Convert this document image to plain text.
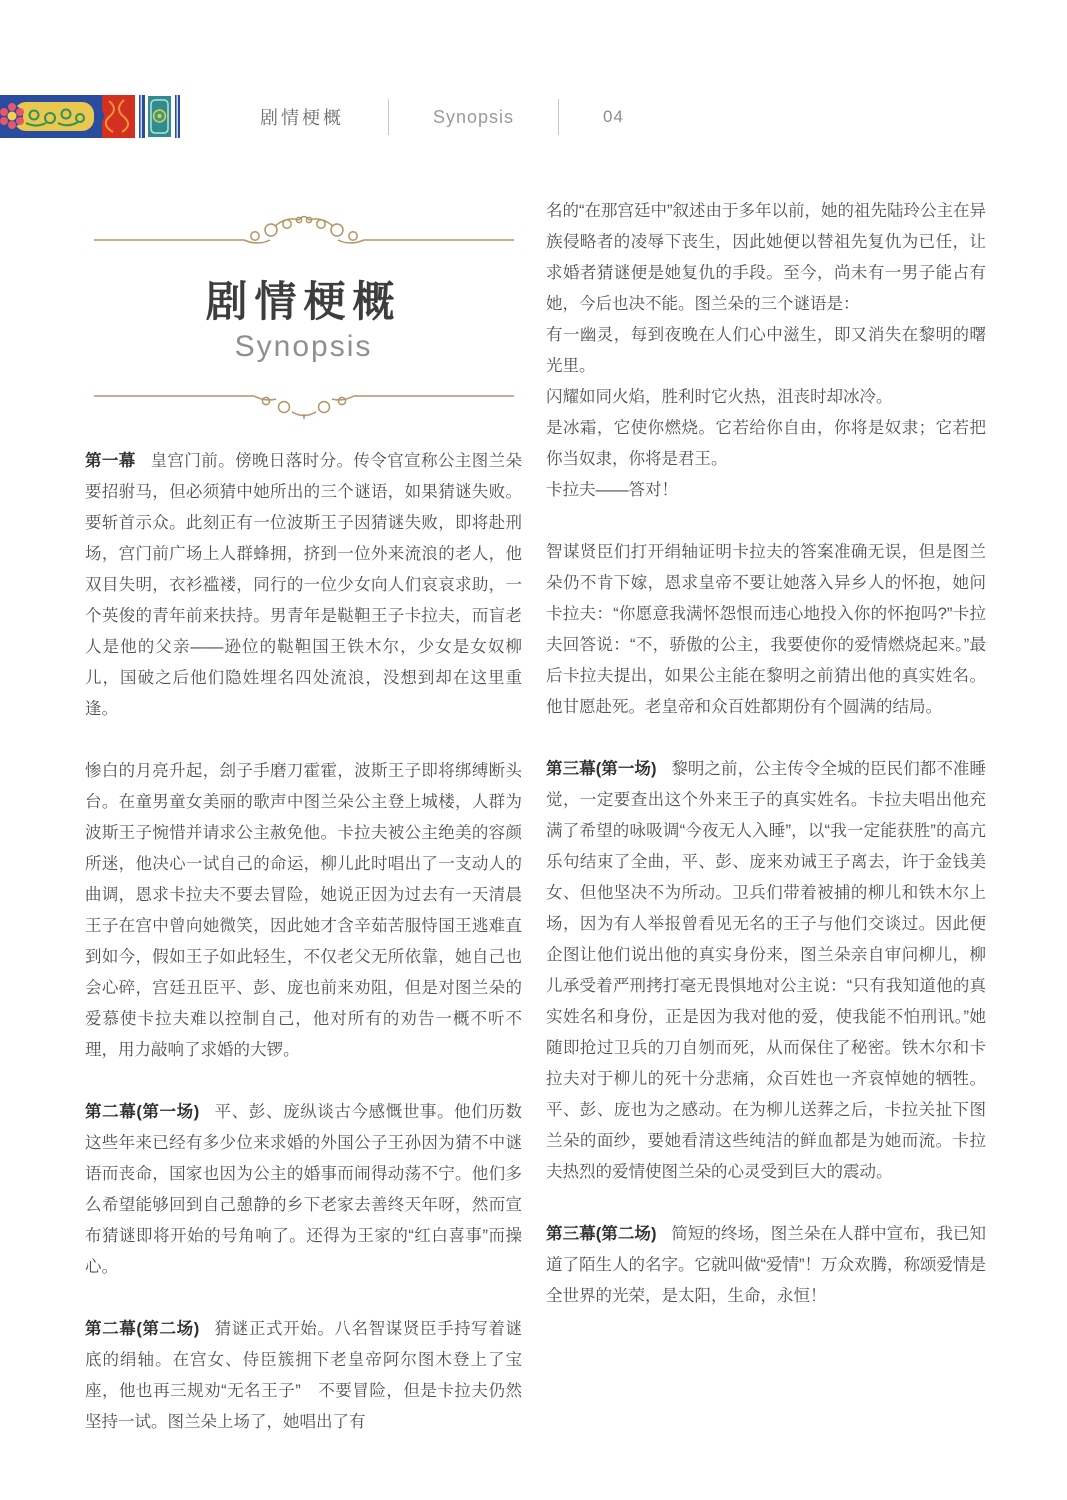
剧情梗概	Synopsis	04
剧情梗概
Synopsis

第一幕 皇宫门前。傍晚日落时分。传令官宣称公主图兰朵要招驸马，但必须猜中她所出的三个谜语，如果猜谜失败。要斩首示众。此刻正有一位波斯王子因猜谜失败，即将赴刑场，宫门前广场上人群蜂拥，挤到一位外来流浪的老人，他双目失明，衣衫褴褛，同行的一位少女向人们哀哀求助，一个英俊的青年前来扶持。男青年是鞑靼王子卡拉夫，而盲老人是他的父亲——逊位的鞑靼国王铁木尔，少女是女奴柳儿，国破之后他们隐姓埋名四处流浪，没想到却在这里重逢。

惨白的月亮升起，刽子手磨刀霍霍，波斯王子即将绑缚断头台。在童男童女美丽的歌声中图兰朵公主登上城楼，人群为波斯王子惋惜并请求公主赦免他。卡拉夫被公主绝美的容颜所迷，他决心一试自己的命运，柳儿此时唱出了一支动人的曲调，恩求卡拉夫不要去冒险，她说正因为过去有一天清晨王子在宫中曾向她微笑，因此她才含辛茹苦服恃国王逃难直到如今，假如王子如此轻生，不仅老父无所依靠，她自己也会心碎，宫廷丑臣平、彭、庞也前来劝阻，但是对图兰朵的爱慕使卡拉夫难以控制自己，他对所有的劝告一概不听不理，用力敲响了求婚的大锣。

第二幕(第一场) 平、彭、庞纵谈古今感慨世事。他们历数这些年来已经有多少位来求婚的外国公子王孙因为猜不中谜语而丧命，国家也因为公主的婚事而闹得动荡不宁。他们多么希望能够回到自己憩静的乡下老家去善终天年呀，然而宣布猜谜即将开始的号角响了。还得为王家的“红白喜事”而操心。

第二幕(第二场) 猜谜正式开始。八名智谋贤臣手持写着谜底的绢轴。在宫女、侍臣簇拥下老皇帝阿尔图木登上了宝座，他也再三规劝“无名王子”　不要冒险，但是卡拉夫仍然坚持一试。图兰朵上场了，她唱出了有

名的“在那宫廷中”叙述由于多年以前，她的祖先陆玲公主在异族侵略者的凌辱下丧生，因此她便以替祖先复仇为已任，让求婚者猜谜便是她复仇的手段。至今，尚未有一男子能占有她，今后也决不能。图兰朵的三个谜语是：

有一幽灵，每到夜晚在人们心中滋生，即又消失在黎明的曙光里。

闪耀如同火焰，胜利时它火热，沮丧时却冰冷。

是冰霜，它使你燃烧。它若给你自由，你将是奴隶；它若把你当奴隶，你将是君王。

卡拉夫——答对！

智谋贤臣们打开绢轴证明卡拉夫的答案准确无误，但是图兰朵仍不肯下嫁，恩求皇帝不要让她落入异乡人的怀抱，她问卡拉夫：“你愿意我满怀怨恨而违心地投入你的怀抱吗?”卡拉夫回答说：“不，骄傲的公主，我要使你的爱情燃烧起来。”最后卡拉夫提出，如果公主能在黎明之前猜出他的真实姓名。他甘愿赴死。老皇帝和众百姓都期份有个圆满的结局。

第三幕(第一场) 黎明之前，公主传令全城的臣民们都不准睡觉，一定要查出这个外来王子的真实姓名。卡拉夫唱出他充满了希望的咏吸调“今夜无人入睡”，以“我一定能获胜”的高亢乐句结束了全曲，平、彭、庞来劝诫王子离去，许于金钱美女、但他坚决不为所动。卫兵们带着被捕的柳儿和铁木尔上场，因为有人举报曾看见无名的王子与他们交谈过。因此便企图让他们说出他的真实身份来，图兰朵亲自审问柳儿，柳儿承受着严刑拷打毫无畏惧地对公主说：“只有我知道他的真实姓名和身份，正是因为我对他的爱，使我能不怕刑讯。”她随即抢过卫兵的刀自刎而死，从而保住了秘密。铁木尔和卡拉夫对于柳儿的死十分悲痛，众百姓也一齐哀悼她的牺牲。平、彭、庞也为之感动。在为柳儿送葬之后，卡拉关扯下图兰朵的面纱，要她看清这些纯洁的鲜血都是为她而流。卡拉夫热烈的爱情使图兰朵的心灵受到巨大的震动。

第三幕(第二场) 简短的终场，图兰朵在人群中宣布，我已知道了陌生人的名字。它就叫做“爱情”！万众欢腾，称颂爱情是全世界的光荣，是太阳，生命，永恒！
